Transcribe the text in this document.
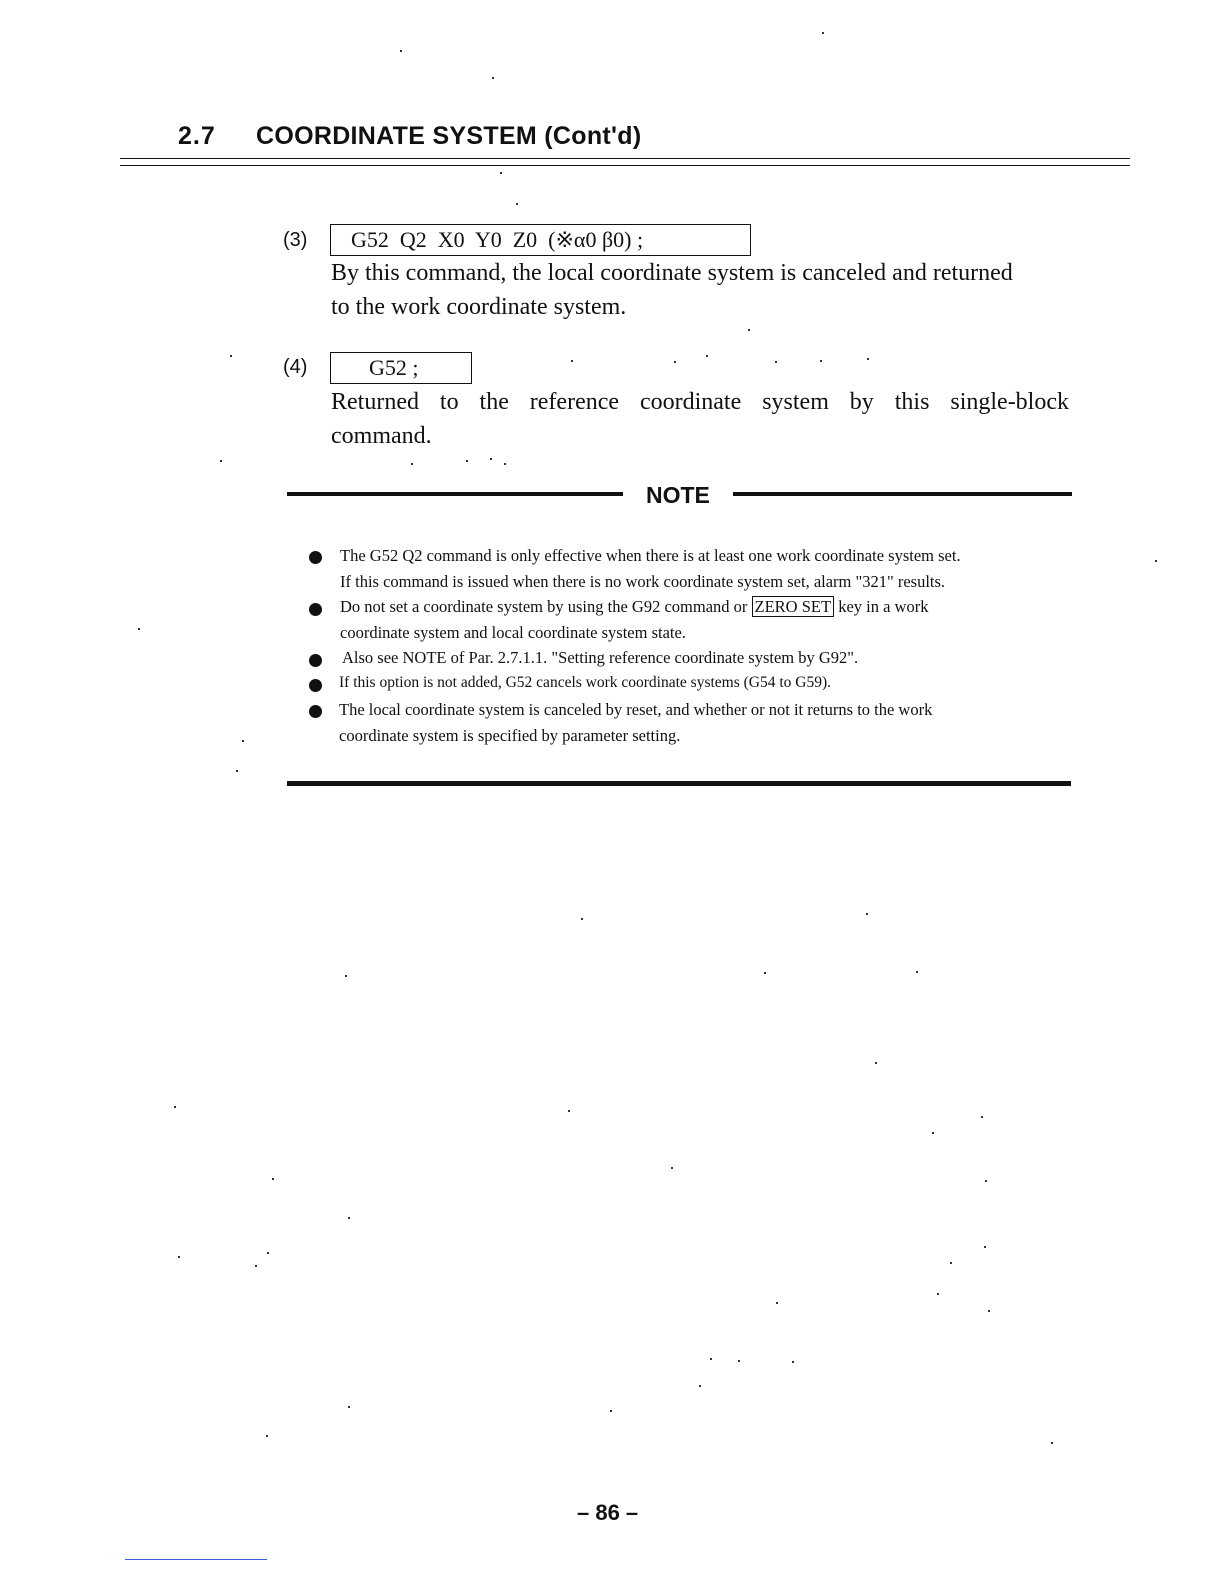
2.7 COORDINATE SYSTEM (Cont'd)
(3)	G52  Q2  X0  Y0  Z0  (※α0 β0) ;
By this command, the local coordinate system is canceled and returned
to the work coordinate system.
(4)	G52 ;
Returned to the reference coordinate system by this single-block
command.
NOTE
The G52 Q2 command is only effective when there is at least one work coordinate system set.
If this command is issued when there is no work coordinate system set, alarm "321" results.
Do not set a coordinate system by using the G92 command or ZERO SET key in a work
coordinate system and local coordinate system state.
Also see NOTE of Par. 2.7.1.1. "Setting reference coordinate system by G92".
If this option is not added, G52 cancels work coordinate systems (G54 to G59).
The local coordinate system is canceled by reset, and whether or not it returns to the work
coordinate system is specified by parameter setting.
– 86 –
